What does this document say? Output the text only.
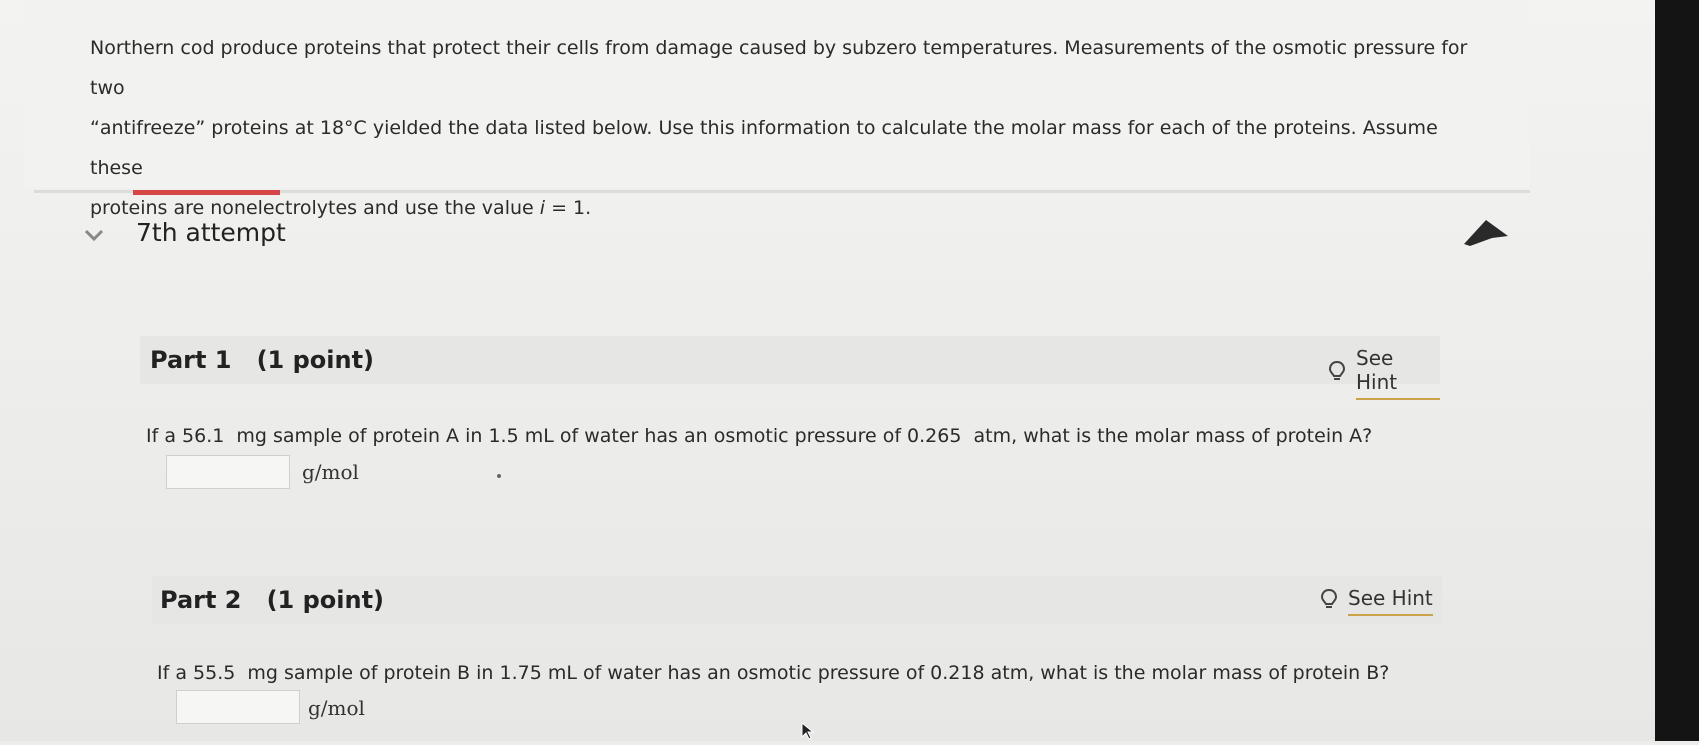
Northern cod produce proteins that protect their cells from damage caused by subzero temperatures. Measurements of the osmotic pressure for two
“antifreeze” proteins at 18°C yielded the data listed below. Use this information to calculate the molar mass for each of the proteins. Assume these
proteins are nonelectrolytes and use the value i = 1.
7th attempt
Part 1   (1 point)	See Hint
If a 56.1  mg sample of protein A in 1.5 mL of water has an osmotic pressure of 0.265  atm, what is the molar mass of protein A?
g/mol
Part 2   (1 point)	See Hint
If a 55.5  mg sample of protein B in 1.75 mL of water has an osmotic pressure of 0.218 atm, what is the molar mass of protein B?
g/mol
